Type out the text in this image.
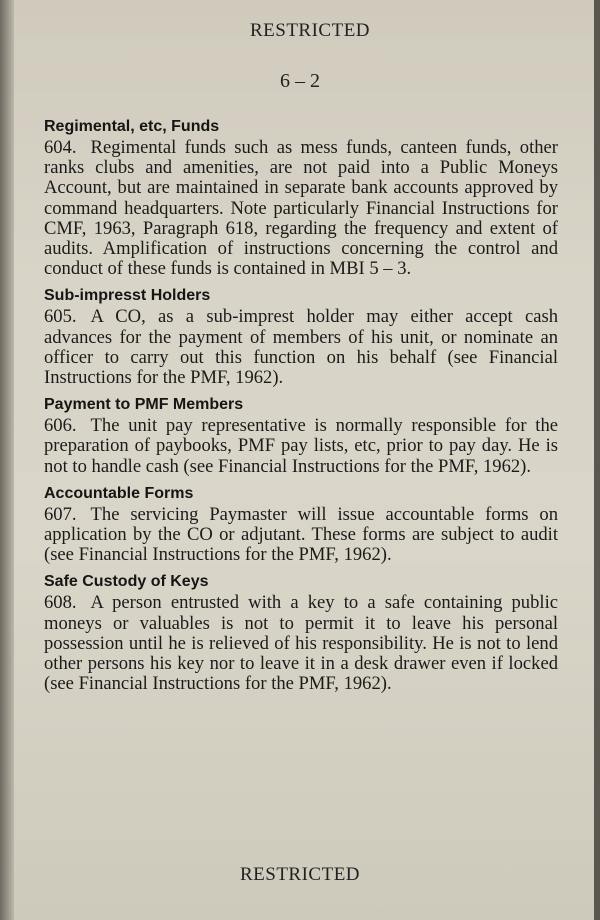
RESTRICTED
6 – 2
Regimental, etc, Funds

604. Regimental funds such as mess funds, canteen funds, other ranks clubs and amenities, are not paid into a Public Moneys Account, but are maintained in separate bank accounts approved by command headquarters. Note particularly Financial Instructions for CMF, 1963, Paragraph 618, regarding the frequency and extent of audits. Amplification of instructions concerning the control and conduct of these funds is contained in MBI 5 – 3.

Sub-impresst Holders

605. A CO, as a sub-imprest holder may either accept cash advances for the payment of members of his unit, or nominate an officer to carry out this function on his behalf (see Financial Instructions for the PMF, 1962).

Payment to PMF Members

606. The unit pay representative is normally responsible for the preparation of paybooks, PMF pay lists, etc, prior to pay day. He is not to handle cash (see Financial Instructions for the PMF, 1962).

Accountable Forms

607. The servicing Paymaster will issue accountable forms on application by the CO or adjutant. These forms are subject to audit (see Financial Instructions for the PMF, 1962).

Safe Custody of Keys

608. A person entrusted with a key to a safe containing public moneys or valuables is not to permit it to leave his personal possession until he is relieved of his responsibility. He is not to lend other persons his key nor to leave it in a desk drawer even if locked (see Financial Instructions for the PMF, 1962).

RESTRICTED
